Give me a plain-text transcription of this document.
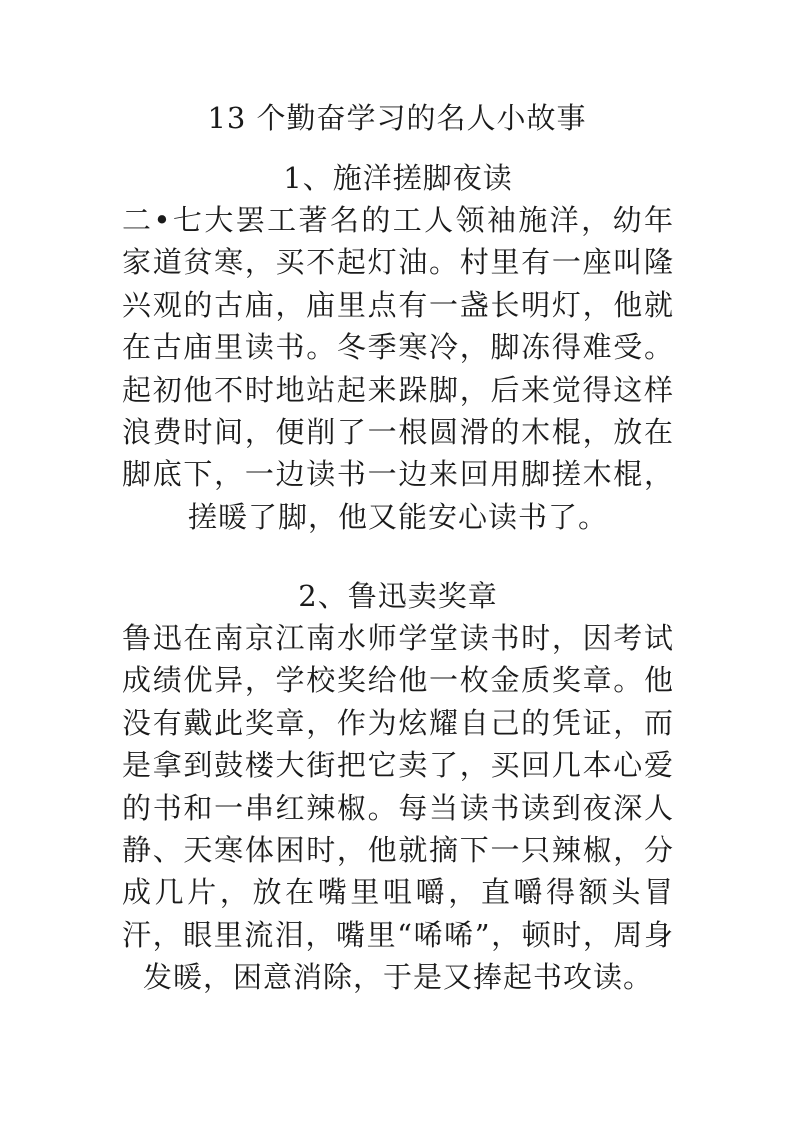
13 个勤奋学习的名人小故事
1、施洋搓脚夜读

二•七大罢工著名的工人领袖施洋，幼年家道贫寒，买不起灯油。村里有一座叫隆兴观的古庙，庙里点有一盏长明灯，他就在古庙里读书。冬季寒冷，脚冻得难受。起初他不时地站起来跺脚，后来觉得这样浪费时间，便削了一根圆滑的木棍，放在脚底下，一边读书一边来回用脚搓木棍，搓暖了脚，他又能安心读书了。

2、鲁迅卖奖章

鲁迅在南京江南水师学堂读书时，因考试成绩优异，学校奖给他一枚金质奖章。他没有戴此奖章，作为炫耀自己的凭证，而是拿到鼓楼大街把它卖了，买回几本心爱的书和一串红辣椒。每当读书读到夜深人静、天寒体困时，他就摘下一只辣椒，分成几片，放在嘴里咀嚼，直嚼得额头冒汗，眼里流泪，嘴里“唏唏”，顿时，周身发暖，困意消除，于是又捧起书攻读。
